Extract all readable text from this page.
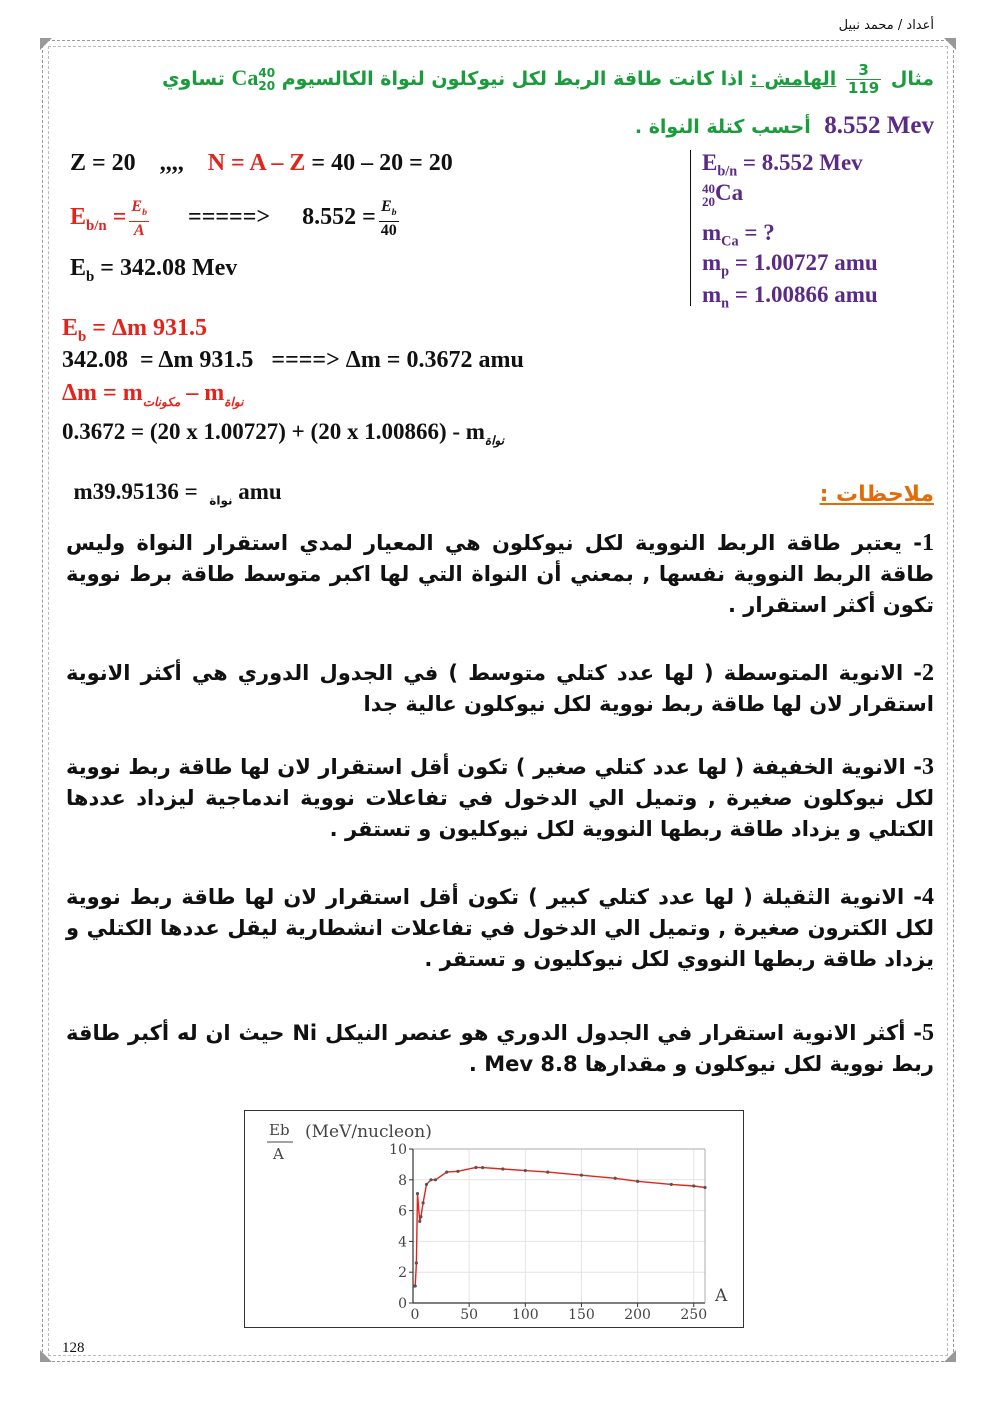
أعداد / محمد نبيل
مثال
$\frac{3}{119}$
الهامش : اذا كانت طاقة الربط لكل نيوكلون لنواة الكالسيوم
40
20
Ca تساوي
8.552 Mev أحسب كتلة النواة .
$E_{b/n} = 8.552$ Mev
40
20 Ca
$m_{Ca}$ = ?
$m_p = 1.00727$ amu
$m_n = 1.00866$ amu
Z = 20 ,,,, N = A – Z = 40 – 20 = 20
$E_{b/n} = \frac{E_b}{A}$ =====> $8.552 = \frac{E_b}{40}$
$E_b = 342.08$ Mev
$E_b = \Delta m$ 931.5
342.08  = Δm 931.5   ====> Δm = 0.3672 amu
$\Delta m = m_{مكونات} - m_{نواة}$
0.3672 = (20 x 1.00727) + (20 x $1.00866) - m_{نواة}$

m	$_{نواة}$  = 39.95136 amu	ملاحظات :
1- يعتبر طاقة الربط النووية لكل نيوكلون هي المعيار لمدي استقرار النواة وليس طاقة الربط النووية نفسها , بمعني أن النواة التي لها اكبر متوسط طاقة برط نووية تكون أكثر استقرار .
2- الانوية المتوسطة ( لها عدد كتلي متوسط ) في الجدول الدوري هي أكثر الانوية استقرار لان لها طاقة ربط نووية لكل نيوكلون عالية جدا
3- الانوية الخفيفة ( لها عدد كتلي صغير ) تكون أقل استقرار لان لها طاقة ربط نووية لكل نيوكلون صغيرة , وتميل الي الدخول في تفاعلات نووية اندماجية ليزداد عددها الكتلي و يزداد طاقة ربطها النووية لكل نيوكليون و تستقر .
4- الانوية الثقيلة ( لها عدد كتلي كبير ) تكون أقل استقرار لان لها طاقة ربط نووية لكل الكترون صغيرة , وتميل الي الدخول في تفاعلات انشطارية ليقل عددها الكتلي و يزداد طاقة ربطها النووي لكل نيوكليون و تستقر .
5- أكثر الانوية استقرار في الجدول الدوري هو عنصر النيكل Ni حيث ان له أكبر طاقة ربط نووية لكل نيوكلون و مقدارها 8.8 Mev .
0
2
4
6
8
10
0	50 100 150 200 250
A
Eb
A
(MeV/nucleon)
128
